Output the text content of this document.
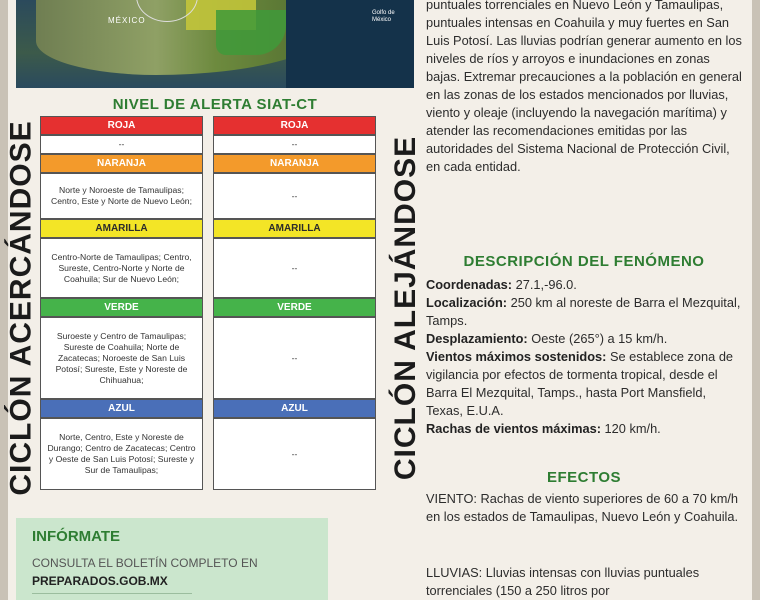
MÉXICO
Golfo de México
NIVEL DE ALERTA SIAT-CT
CICLÓN ACERCÁNDOSE	CICLÓN ALEJÁNDOSE
ROJA
--
NARANJA
Norte y Noroeste de Tamaulipas; Centro, Este y Norte de Nuevo León;
AMARILLA
Centro-Norte de Tamaulipas; Centro, Sureste, Centro-Norte y Norte de Coahuila; Sur de Nuevo León;
VERDE
Suroeste y Centro de Tamaulipas; Sureste de Coahuila; Norte de Zacatecas; Noroeste de San Luis Potosí; Sureste, Este y Noreste de Chihuahua;
AZUL
Norte, Centro, Este y Noreste de Durango; Centro de Zacatecas; Centro y Oeste de San Luis Potosí; Sureste y Sur de Tamaulipas;
ROJA
--
NARANJA
--
AMARILLA
--
VERDE
--
AZUL
--
INFÓRMATE
CONSULTA EL BOLETÍN COMPLETO EN
PREPARADOS.GOB.MX
puntuales torrenciales en Nuevo León y Tamaulipas, puntuales intensas en Coahuila y muy fuertes en San Luis Potosí. Las lluvias podrían generar aumento en los niveles de ríos y arroyos e inundaciones en zonas bajas. Extremar precauciones a la población en general en las zonas de los estados mencionados por lluvias, viento y oleaje (incluyendo la navegación marítima) y atender las recomendaciones emitidas por las autoridades del Sistema Nacional de Protección Civil, en cada entidad.
DESCRIPCIÓN DEL FENÓMENO
Coordenadas: 27.1,-96.0.
Localización: 250 km al noreste de Barra el Mezquital, Tamps.
Desplazamiento: Oeste (265°) a 15 km/h.
Vientos máximos sostenidos: Se establece zona de vigilancia por efectos de tormenta tropical, desde el Barra El Mezquital, Tamps., hasta Port Mansfield, Texas, E.U.A.
Rachas de vientos máximas: 120 km/h.
EFECTOS
VIENTO: Rachas de viento superiores de 60 a 70 km/h en los estados de Tamaulipas, Nuevo León y Coahuila.
LLUVIAS: Lluvias intensas con lluvias puntuales torrenciales (150 a 250 litros por
